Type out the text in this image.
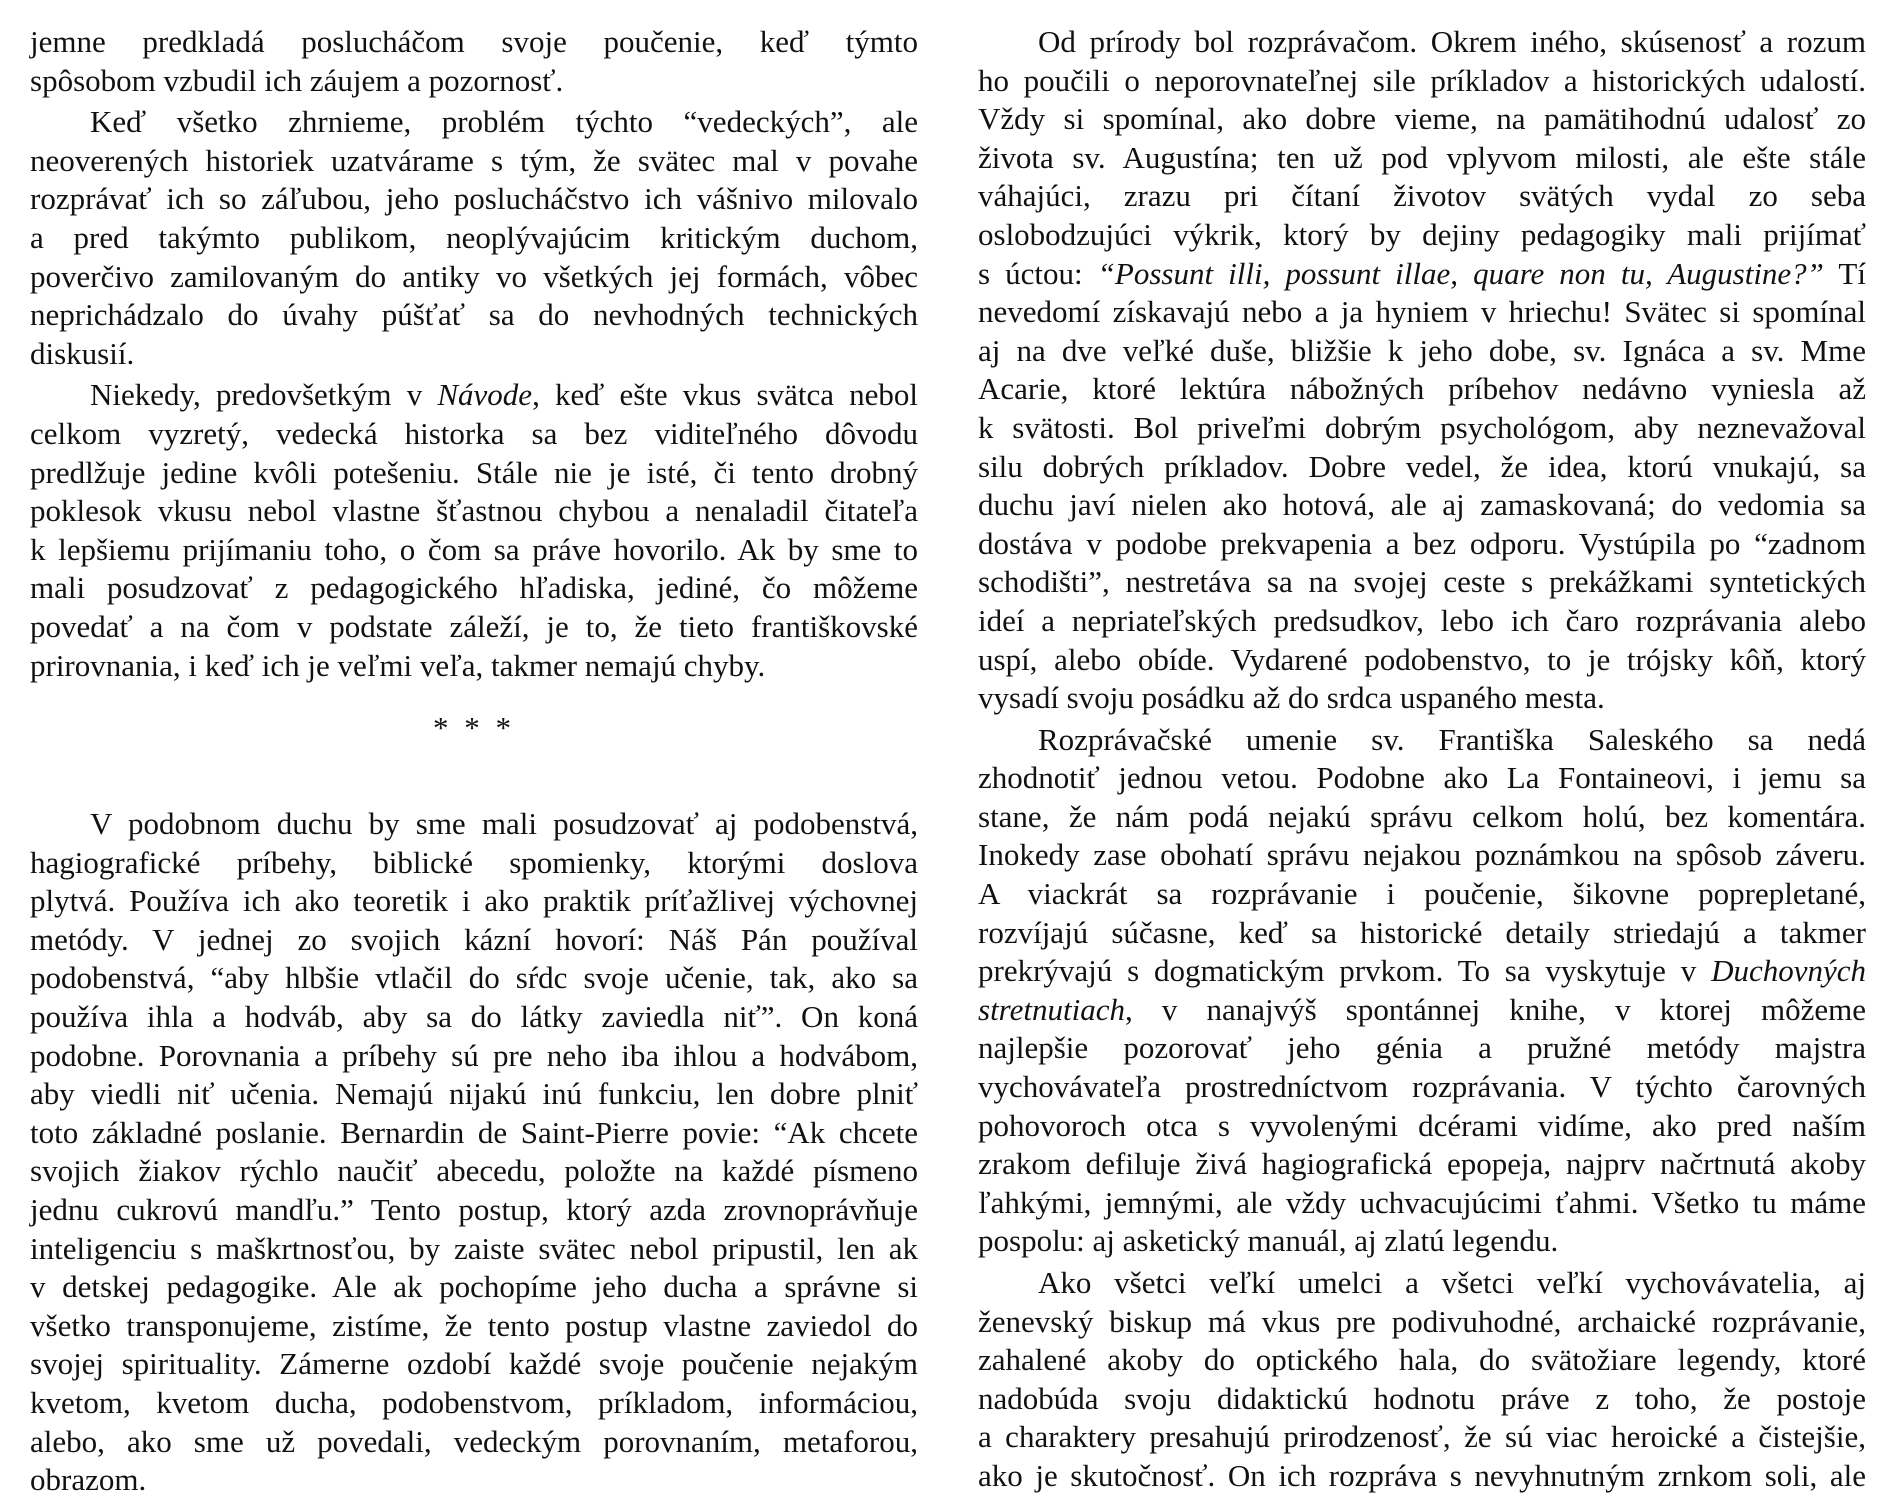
jemne predkladá poslucháčom svoje poučenie, keď týmto
spôsobom vzbudil ich záujem a pozornosť.
Keď všetko zhrnieme, problém týchto “vedeckých”, ale
neoverených historiek uzatvárame s tým, že svätec mal v povahe
rozprávať ich so záľubou, jeho poslucháčstvo ich vášnivo milovalo
a pred takýmto publikom, neoplývajúcim kritickým duchom,
poverčivo zamilovaným do antiky vo všetkých jej formách, vôbec
neprichádzalo do úvahy púšťať sa do nevhodných technických
diskusií.
Niekedy, predovšetkým v Návode, keď ešte vkus svätca nebol
celkom vyzretý, vedecká historka sa bez viditeľného dôvodu
predlžuje jedine kvôli potešeniu. Stále nie je isté, či tento drobný
poklesok vkusu nebol vlastne šťastnou chybou a nenaladil čitateľa
k lepšiemu prijímaniu toho, o čom sa práve hovorilo. Ak by sme to
mali posudzovať z pedagogického hľadiska, jediné, čo môžeme
povedať a na čom v podstate záleží, je to, že tieto františkovské
prirovnania, i keď ich je veľmi veľa, takmer nemajú chyby.
* * *
V podobnom duchu by sme mali posudzovať aj podobenstvá,
hagiografické príbehy, biblické spomienky, ktorými doslova
plytvá. Používa ich ako teoretik i ako praktik príťažlivej výchovnej
metódy. V jednej zo svojich kázní hovorí: Náš Pán používal
podobenstvá, “aby hlbšie vtlačil do sŕdc svoje učenie, tak, ako sa
používa ihla a hodváb, aby sa do látky zaviedla niť”. On koná
podobne. Porovnania a príbehy sú pre neho iba ihlou a hodvábom,
aby viedli niť učenia. Nemajú nijakú inú funkciu, len dobre plniť
toto základné poslanie. Bernardin de Saint-Pierre povie: “Ak chcete
svojich žiakov rýchlo naučiť abecedu, položte na každé písmeno
jednu cukrovú mandľu.” Tento postup, ktorý azda zrovnoprávňuje
inteligenciu s maškrtnosťou, by zaiste svätec nebol pripustil, len ak
v detskej pedagogike. Ale ak pochopíme jeho ducha a správne si
všetko transponujeme, zistíme, že tento postup vlastne zaviedol do
svojej spirituality. Zámerne ozdobí každé svoje poučenie nejakým
kvetom, kvetom ducha, podobenstvom, príkladom, informáciou,
alebo, ako sme už povedali, vedeckým porovnaním, metaforou,
obrazom.
Od prírody bol rozprávačom. Okrem iného, skúsenosť a rozum
ho poučili o neporovnateľnej sile príkladov a historických udalostí.
Vždy si spomínal, ako dobre vieme, na pamätihodnú udalosť zo
života sv. Augustína; ten už pod vplyvom milosti, ale ešte stále
váhajúci, zrazu pri čítaní životov svätých vydal zo seba
oslobodzujúci výkrik, ktorý by dejiny pedagogiky mali prijímať
s úctou: “Possunt illi, possunt illae, quare non tu, Augustine?” Tí
nevedomí získavajú nebo a ja hyniem v hriechu! Svätec si spomínal
aj na dve veľké duše, bližšie k jeho dobe, sv. Ignáca a sv. Mme
Acarie, ktoré lektúra nábožných príbehov nedávno vyniesla až
k svätosti. Bol priveľmi dobrým psychológom, aby neznevažoval
silu dobrých príkladov. Dobre vedel, že idea, ktorú vnukajú, sa
duchu javí nielen ako hotová, ale aj zamaskovaná; do vedomia sa
dostáva v podobe prekvapenia a bez odporu. Vystúpila po “zadnom
schodišti”, nestretáva sa na svojej ceste s prekážkami syntetických
ideí a nepriateľských predsudkov, lebo ich čaro rozprávania alebo
uspí, alebo obíde. Vydarené podobenstvo, to je trójsky kôň, ktorý
vysadí svoju posádku až do srdca uspaného mesta.
Rozprávačské umenie sv. Františka Saleského sa nedá
zhodnotiť jednou vetou. Podobne ako La Fontaineovi, i jemu sa
stane, že nám podá nejakú správu celkom holú, bez komentára.
Inokedy zase obohatí správu nejakou poznámkou na spôsob záveru.
A viackrát sa rozprávanie i poučenie, šikovne poprepletané,
rozvíjajú súčasne, keď sa historické detaily striedajú a takmer
prekrývajú s dogmatickým prvkom. To sa vyskytuje v Duchovných
stretnutiach, v nanajvýš spontánnej knihe, v ktorej môžeme
najlepšie pozorovať jeho génia a pružné metódy majstra
vychovávateľa prostredníctvom rozprávania. V týchto čarovných
pohovoroch otca s vyvolenými dcérami vidíme, ako pred naším
zrakom defiluje živá hagiografická epopeja, najprv načrtnutá akoby
ľahkými, jemnými, ale vždy uchvacujúcimi ťahmi. Všetko tu máme
pospolu: aj asketický manuál, aj zlatú legendu.
Ako všetci veľkí umelci a všetci veľkí vychovávatelia, aj
ženevský biskup má vkus pre podivuhodné, archaické rozprávanie,
zahalené akoby do optického hala, do svätožiare legendy, ktoré
nadobúda svoju didaktickú hodnotu práve z toho, že postoje
a charaktery presahujú prirodzenosť, že sú viac heroické a čistejšie,
ako je skutočnosť. On ich rozpráva s nevyhnutným zrnkom soli, ale
